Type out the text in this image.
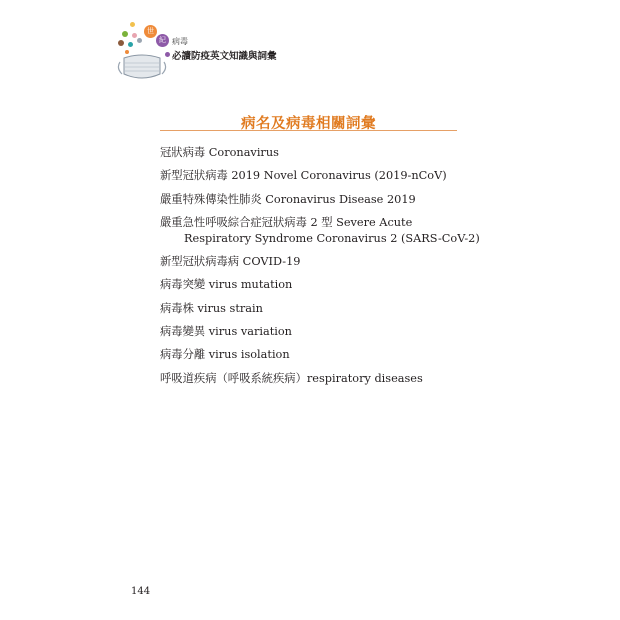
世
紀 病毒
必讀防疫英文知識與詞彙
病名及病毒相關詞彙
冠狀病毒 Coronavirus
新型冠狀病毒 2019 Novel Coronavirus (2019-nCoV)
嚴重特殊傳染性肺炎 Coronavirus Disease 2019
嚴重急性呼吸綜合症冠狀病毒 2 型 Severe Acute
Respiratory Syndrome Coronavirus 2 (SARS-CoV-2)
新型冠狀病毒病 COVID-19
病毒突變 virus mutation
病毒株 virus strain
病毒變異 virus variation
病毒分離 virus isolation
呼吸道疾病（呼吸系統疾病）respiratory diseases
144
